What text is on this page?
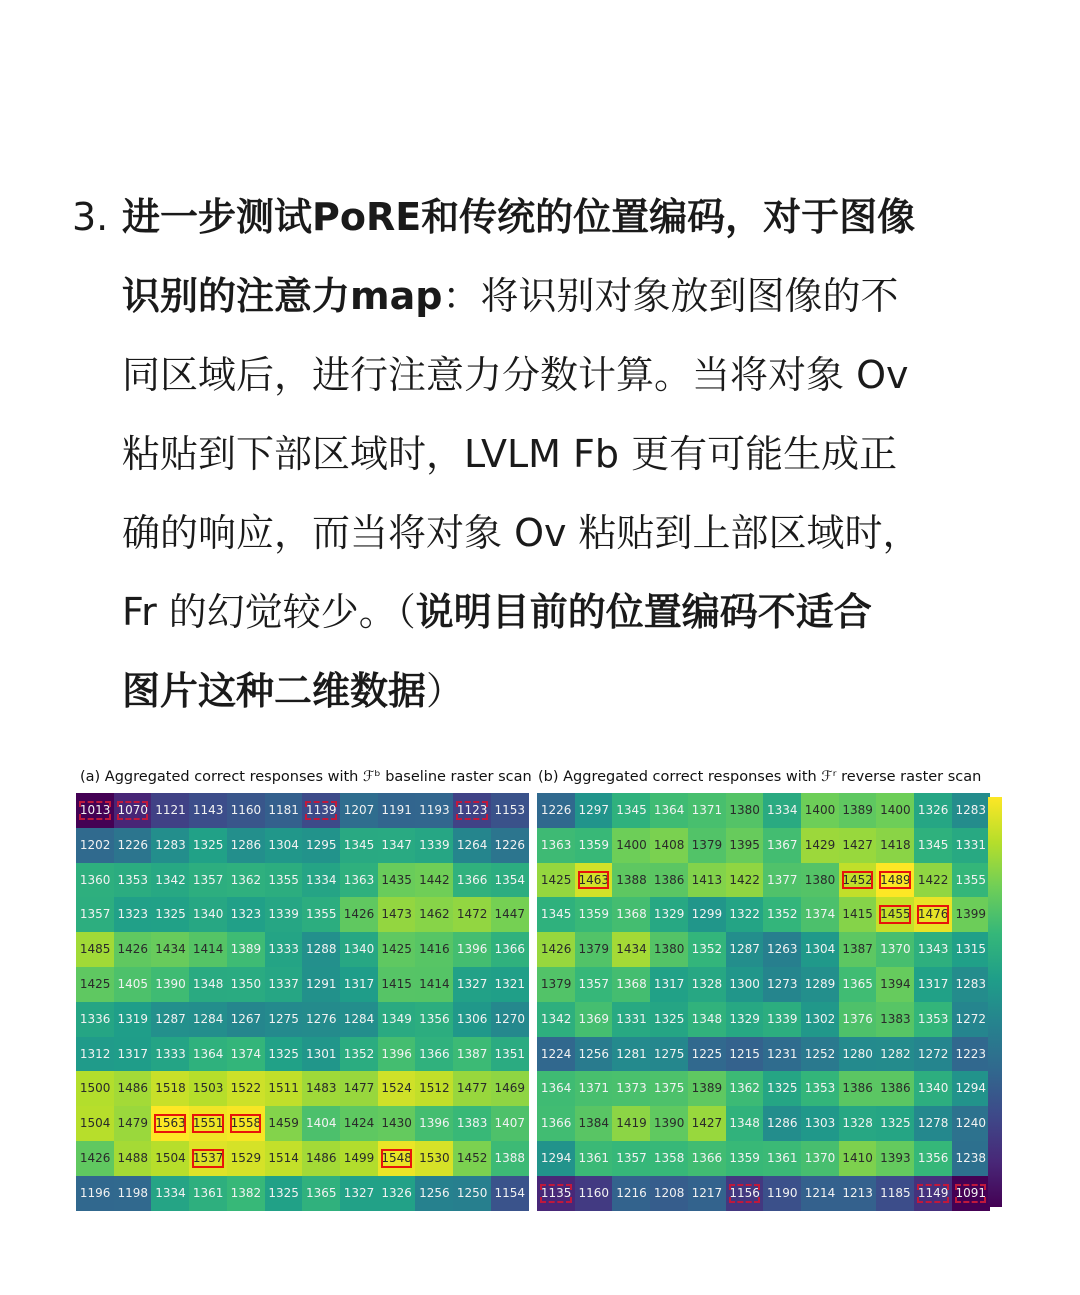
3. 进一步测试PoRE和传统的位置编码，对于图像
识别的注意力map：将识别对象放到图像的不
同区域后，进行注意力分数计算。当将对象 Ov
粘贴到下部区域时，LVLM Fb 更有可能生成正
确的响应，而当将对象 Ov 粘贴到上部区域时，
Fr 的幻觉较少。（说明目前的位置编码不适合
图片这种二维数据）
(a) Aggregated correct responses with ℱᵇ baseline raster scan (b) Aggregated correct responses with ℱʳ reverse raster scan
1013 1070 1121 1143 1160 1181 1139 1207 1191 1193 1123 1153
1202 1226 1283 1325 1286 1304 1295 1345 1347 1339 1264 1226
1360 1353 1342 1357 1362 1355 1334 1363 1435 1442 1366 1354
1357 1323 1325 1340 1323 1339 1355 1426 1473 1462 1472 1447
1485 1426 1434 1414 1389 1333 1288 1340 1425 1416 1396 1366
1425 1405 1390 1348 1350 1337 1291 1317 1415 1414 1327 1321
1336 1319 1287 1284 1267 1275 1276 1284 1349 1356 1306 1270
1312 1317 1333 1364 1374 1325 1301 1352 1396 1366 1387 1351
1500 1486 1518 1503 1522 1511 1483 1477 1524 1512 1477 1469
1504 1479 1563 1551 1558 1459 1404 1424 1430 1396 1383 1407
1426 1488 1504 1537 1529 1514 1486 1499 1548 1530 1452 1388
1196 1198 1334 1361 1382 1325 1365 1327 1326 1256 1250 1154
1226 1297 1345 1364 1371 1380 1334 1400 1389 1400 1326 1283
1363 1359 1400 1408 1379 1395 1367 1429 1427 1418 1345 1331
1425 1463 1388 1386 1413 1422 1377 1380 1452 1489 1422 1355
1345 1359 1368 1329 1299 1322 1352 1374 1415 1455 1476 1399
1426 1379 1434 1380 1352 1287 1263 1304 1387 1370 1343 1315
1379 1357 1368 1317 1328 1300 1273 1289 1365 1394 1317 1283
1342 1369 1331 1325 1348 1329 1339 1302 1376 1383 1353 1272
1224 1256 1281 1275 1225 1215 1231 1252 1280 1282 1272 1223
1364 1371 1373 1375 1389 1362 1325 1353 1386 1386 1340 1294
1366 1384 1419 1390 1427 1348 1286 1303 1328 1325 1278 1240
1294 1361 1357 1358 1366 1359 1361 1370 1410 1393 1356 1238
1135 1160 1216 1208 1217 1156 1190 1214 1213 1185 1149 1091
